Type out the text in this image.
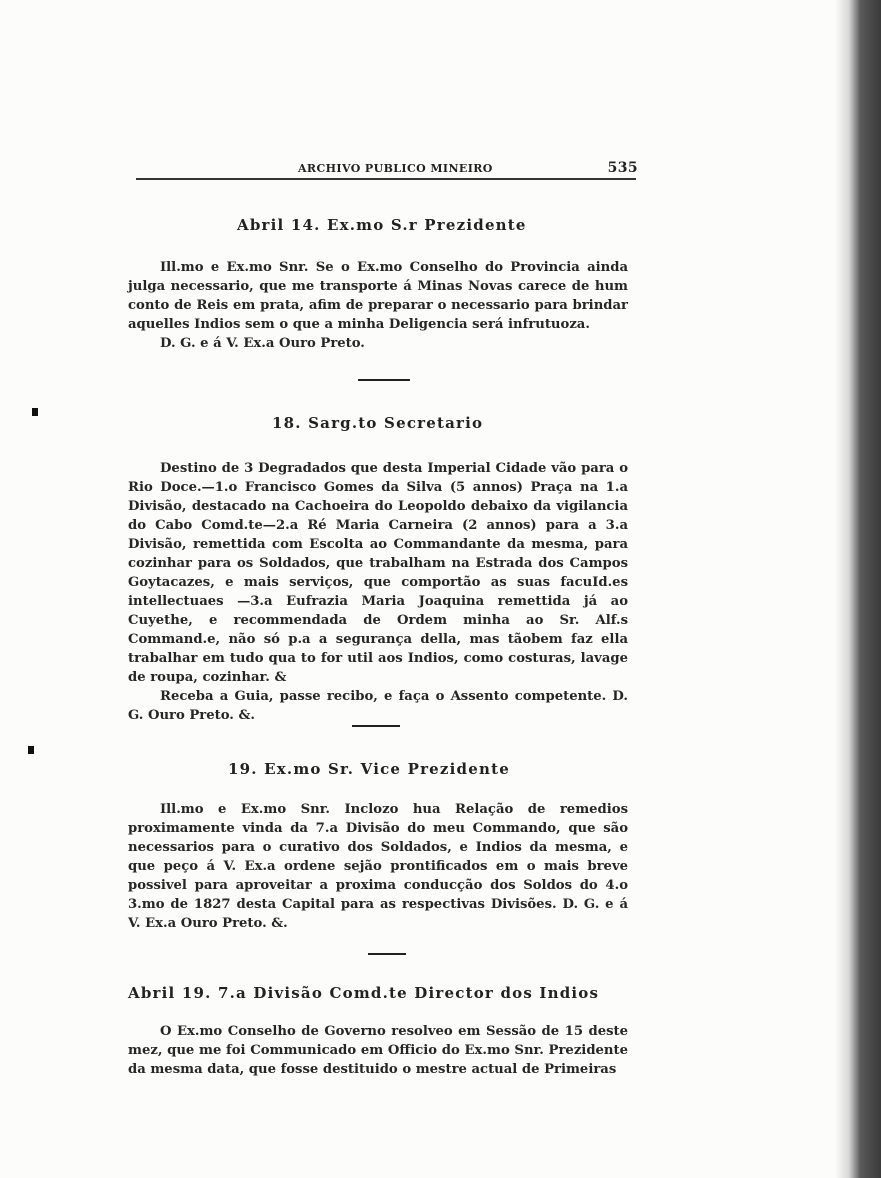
ARCHIVO PUBLICO MINEIRO	535
Abril 14. Ex.mo S.r Prezidente

Ill.mo e Ex.mo Snr. Se o Ex.mo Conselho do Provincia ainda julga necessario, que me transporte á Minas Novas carece de hum conto de Reis em prata, afim de preparar o necessario para brindar aquelles Indios sem o que a minha Deligencia será infrutuoza.

D. G. e á V. Ex.a Ouro Preto.

18. Sarg.to Secretario

Destino de 3 Degradados que desta Imperial Cidade vão para o Rio Doce.—1.o Francisco Gomes da Silva (5 annos) Praça na 1.a Divisão, destacado na Cachoeira do Leopoldo debaixo da vigilancia do Cabo Comd.te—2.a Ré Maria Carneira (2 annos) para a 3.a Divisão, remettida com Escolta ao Commandante da mesma, para cozinhar para os Soldados, que trabalham na Estrada dos Campos Goytacazes, e mais serviços, que comportão as suas facuId.es intellectuaes —3.a Eufrazia Maria Joaquina remettida já ao Cuyethe, e recommendada de Ordem minha ao Sr. Alf.s Command.e, não só p.a a segurança della, mas tãobem faz ella trabalhar em tudo qua to for util aos Indios, como costuras, lavage de roupa, cozinhar. &

Receba a Guia, passe recibo, e faça o Assento competente. D. G. Ouro Preto. &.

19. Ex.mo Sr. Vice Prezidente

Ill.mo e Ex.mo Snr. Inclozo hua Relação de remedios proximamente vinda da 7.a Divisão do meu Commando, que são necessarios para o curativo dos Soldados, e Indios da mesma, e que peço á V. Ex.a ordene sejão prontificados em o mais breve possivel para aproveitar a proxima conducção dos Soldos do 4.o 3.mo de 1827 desta Capital para as respectivas Divisões. D. G. e á V. Ex.a Ouro Preto. &.

Abril 19. 7.a Divisão Comd.te Director dos Indios

O Ex.mo Conselho de Governo resolveo em Sessão de 15 deste mez, que me foi Communicado em Officio do Ex.mo Snr. Prezidente da mesma data, que fosse destituido o mestre actual de Primeiras
